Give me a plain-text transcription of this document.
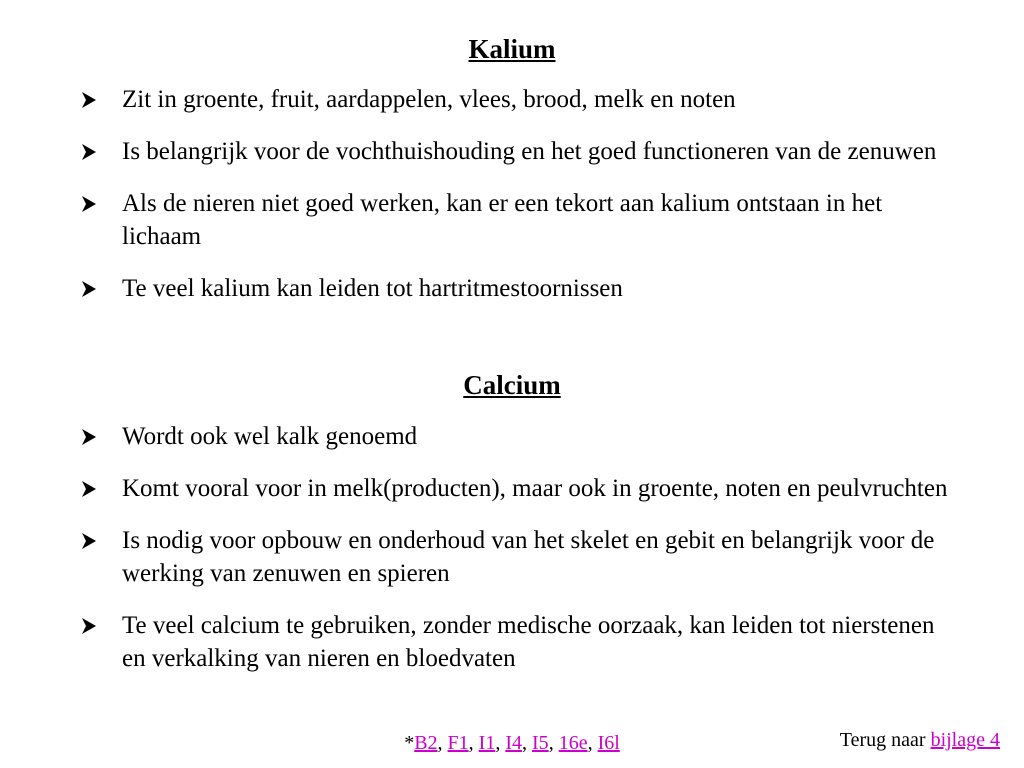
Kalium
Zit in groente, fruit, aardappelen, vlees, brood, melk en noten
Is belangrijk voor de vochthuishouding en het goed functioneren van de zenuwen
Als de nieren niet goed werken, kan er een tekort aan kalium ontstaan in het lichaam
Te veel kalium kan leiden tot hartritmestoornissen
Calcium
Wordt ook wel kalk genoemd
Komt vooral voor in melk(producten), maar ook in groente, noten en peulvruchten
Is nodig voor opbouw en onderhoud van het skelet en gebit en belangrijk voor de werking van zenuwen en spieren
Te veel calcium te gebruiken, zonder medische oorzaak, kan leiden tot nierstenen en verkalking van nieren en bloedvaten
*B2, F1, I1, I4, I5, 16e, I6l	Terug naar bijlage 4
